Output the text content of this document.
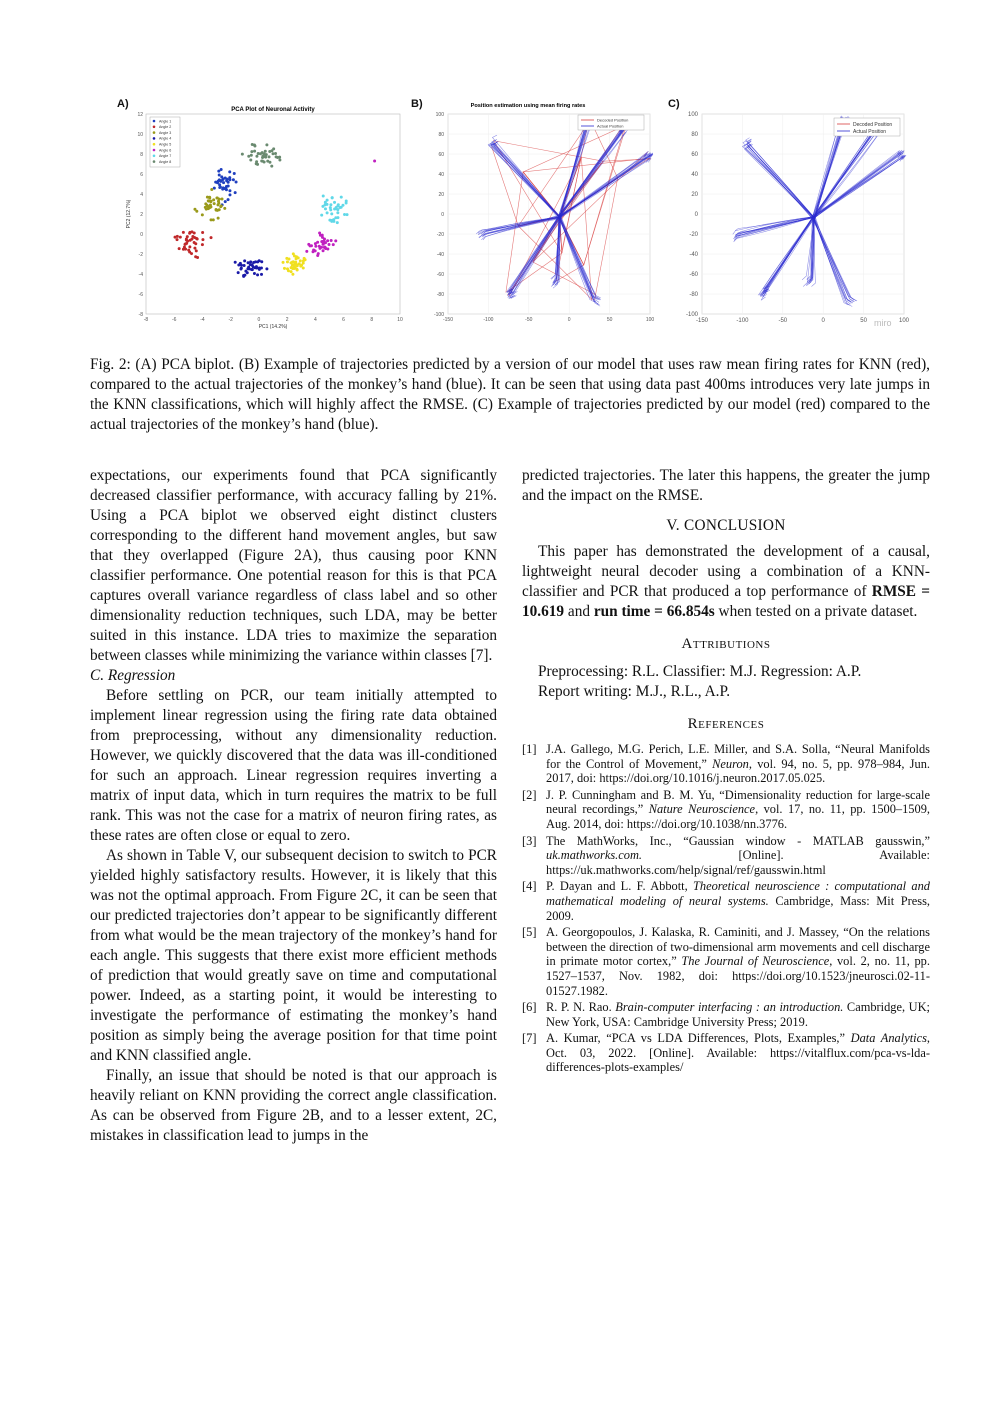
A)	PCA Plot of Neuronal Activity
12
10
8
6
4
2
0
-2
-4
-6
-8
-8	-6	-4	-2	0	2	4	6	8	10
PC1 (14.2%)
PC2 (12.7%)
Angle 1
Angle 2
Angle 3
Angle 4
Angle 5
Angle 6
Angle 7
Angle 8
B)	Position estimation using mean firing rates
100
80
60
40
20
0
-20
-40
-60
-80
-100
-150	-100	-50	0	50	100
Decoded Position
Actual Position
C)
100
80
60
40
20
0
-20
-40
-60
-80
-100
-150	-100	-50	0	50	100
Decoded Position
Actual Position
miro
Fig. 2: (A) PCA biplot. (B) Example of trajectories predicted by a version of our model that uses raw mean firing rates for KNN (red), compared to the actual trajectories of the monkey’s hand (blue). It can be seen that using data past 400ms introduces very late jumps in the KNN classifications, which will highly affect the RMSE. (C) Example of trajectories predicted by our model (red) compared to the actual trajectories of the monkey’s hand (blue).

expectations, our experiments found that PCA significantly decreased classifier performance, with accuracy falling by 21%. Using a PCA biplot we observed eight distinct clusters corresponding to the different hand movement angles, but saw that they overlapped (Figure 2A), thus causing poor KNN classifier performance. One potential reason for this is that PCA captures overall variance regardless of class label and so other dimensionality reduction techniques, such LDA, may be better suited in this instance. LDA tries to maximize the separation between classes while minimizing the variance within classes [7].

C. Regression

Before settling on PCR, our team initially attempted to implement linear regression using the firing rate data obtained from preprocessing, without any dimensionality reduction. However, we quickly discovered that the data was ill-conditioned for such an approach. Linear regression requires inverting a matrix of input data, which in turn requires the matrix to be full rank. This was not the case for a matrix of neuron firing rates, as these rates are often close or equal to zero.

As shown in Table V, our subsequent decision to switch to PCR yielded highly satisfactory results. However, it is likely that this was not the optimal approach. From Figure 2C, it can be seen that our predicted trajectories don’t appear to be significantly different from what would be the mean trajectory of the monkey’s hand for each angle. This suggests that there exist more efficient methods of prediction that would greatly save on time and computational power. Indeed, as a starting point, it would be interesting to investigate the performance of estimating the monkey’s hand position as simply being the average position for that time point and KNN classified angle.

Finally, an issue that should be noted is that our approach is heavily reliant on KNN providing the correct angle classification. As can be observed from Figure 2B, and to a lesser extent, 2C, mistakes in classification lead to jumps in the

predicted trajectories. The later this happens, the greater the jump and the impact on the RMSE.

V. CONCLUSION

This paper has demonstrated the development of a causal, lightweight neural decoder using a combination of a KNN-classifier and PCR that produced a top performance of RMSE = 10.619 and run time = 66.854s when tested on a private dataset.

Attributions

Preprocessing: R.L. Classifier: M.J. Regression: A.P.

Report writing: M.J., R.L., A.P.

References
[1] J.A. Gallego, M.G. Perich, L.E. Miller, and S.A. Solla, “Neural Manifolds for the Control of Movement,” Neuron, vol. 94, no. 5, pp. 978–984, Jun. 2017, doi: https://doi.org/10.1016/j.neuron.2017.05.025.
[2] J. P. Cunningham and B. M. Yu, “Dimensionality reduction for large-scale neural recordings,” Nature Neuroscience, vol. 17, no. 11, pp. 1500–1509, Aug. 2014, doi: https://doi.org/10.1038/nn.3776.
[3] The MathWorks, Inc., “Gaussian window - MATLAB gausswin,” uk.mathworks.com. [Online]. Available: https://uk.mathworks.com/help/signal/ref/gausswin.html
[4] P. Dayan and L. F. Abbott, Theoretical neuroscience : computational and mathematical modeling of neural systems. Cambridge, Mass: Mit Press, 2009.
[5] A. Georgopoulos, J. Kalaska, R. Caminiti, and J. Massey, “On the relations between the direction of two-dimensional arm movements and cell discharge in primate motor cortex,” The Journal of Neuroscience, vol. 2, no. 11, pp. 1527–1537, Nov. 1982, doi: https://doi.org/10.1523/jneurosci.02-11-01527.1982.
[6] R. P. N. Rao. Brain-computer interfacing : an introduction. Cambridge, UK; New York, USA: Cambridge University Press; 2019.
[7] A. Kumar, “PCA vs LDA Differences, Plots, Examples,” Data Analytics, Oct. 03, 2022. [Online]. Available: https://vitalflux.com/pca-vs-lda-differences-plots-examples/
